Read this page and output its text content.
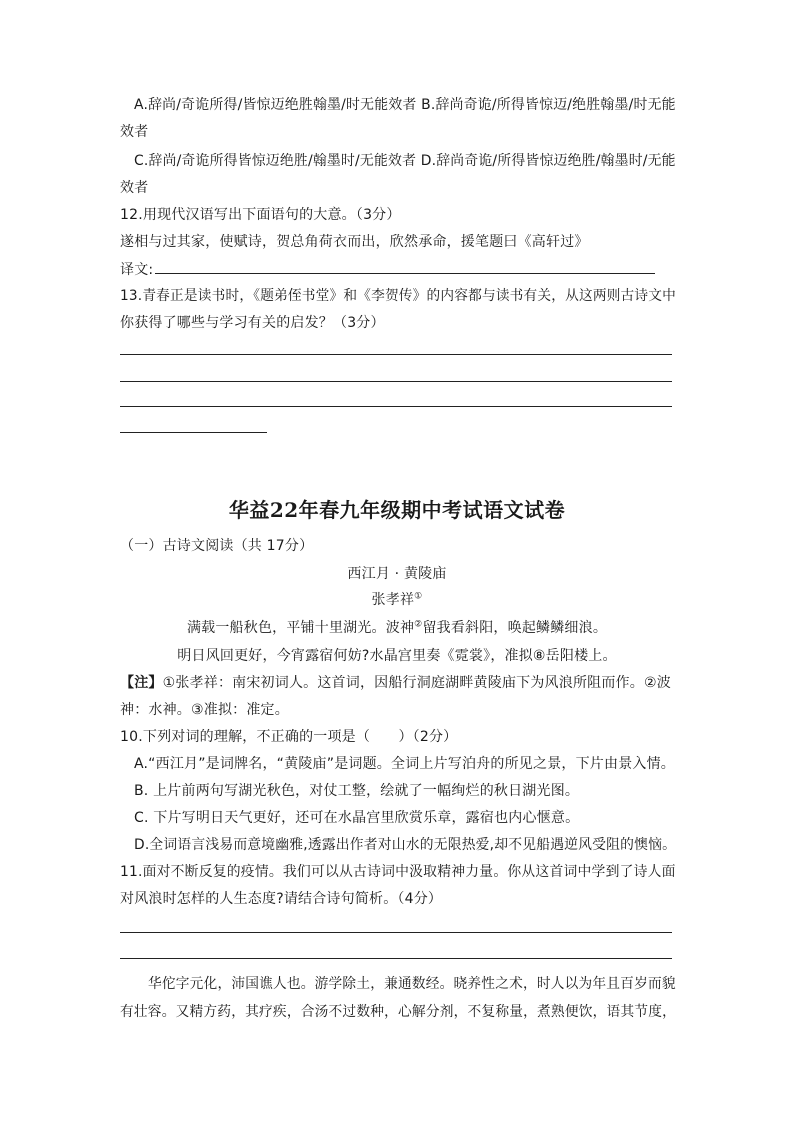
A.辞尚/奇诡所得/皆惊迈绝胜翰墨/时无能效者 B.辞尚奇诡/所得皆惊迈/绝胜翰墨/时无能
效者
C.辞尚/奇诡所得皆惊迈绝胜/翰墨时/无能效者 D.辞尚奇诡/所得皆惊迈绝胜/翰墨时/无能
效者
12.用现代汉语写出下面语句的大意。（3分）
遂相与过其家，使赋诗，贺总角荷衣而出，欣然承命，援笔题曰《高轩过》
译文:
13.青春正是读书时，《题弟侄书堂》和《李贺传》的内容都与读书有关，从这两则古诗文中
你获得了哪些与学习有关的启发？（3分）
华益22年春九年级期中考试语文试卷
（一）古诗文阅读（共 17分）
西江月 · 黄陵庙
张孝祥①
满载一船秋色，平铺十里湖光。波神②留我看斜阳，唤起鳞鳞细浪。
明日风回更好，今宵露宿何妨?水晶宫里奏《霓裳》，准拟⑧岳阳楼上。
【注】①张孝祥：南宋初词人。这首词，因船行洞庭湖畔黄陵庙下为风浪所阻而作。②波
神：水神。③准拟：准定。
10.下列对词的理解，不正确的一项是（　　）（2分）
A.“西江月”是词牌名，“黄陵庙”是词题。全词上片写泊舟的所见之景，下片由景入情。
B. 上片前两句写湖光秋色，对仗工整，绘就了一幅绚烂的秋日湖光图。
C. 下片写明日天气更好，还可在水晶宫里欣赏乐章，露宿也内心惬意。
D.全词语言浅易而意境幽雅,透露出作者对山水的无限热爱,却不见船遇逆风受阻的懊恼。
11.面对不断反复的疫情。我们可以从古诗词中汲取精神力量。你从这首词中学到了诗人面
对风浪时怎样的人生态度?请结合诗句简析。（4分）
华佗字元化，沛国谯人也。游学除土，兼通数经。晓养性之术，时人以为年且百岁而貌
有壮容。又精方药，其疗疾，合汤不过数种，心解分剂，不复称量，煮熟便饮，语其节度，
